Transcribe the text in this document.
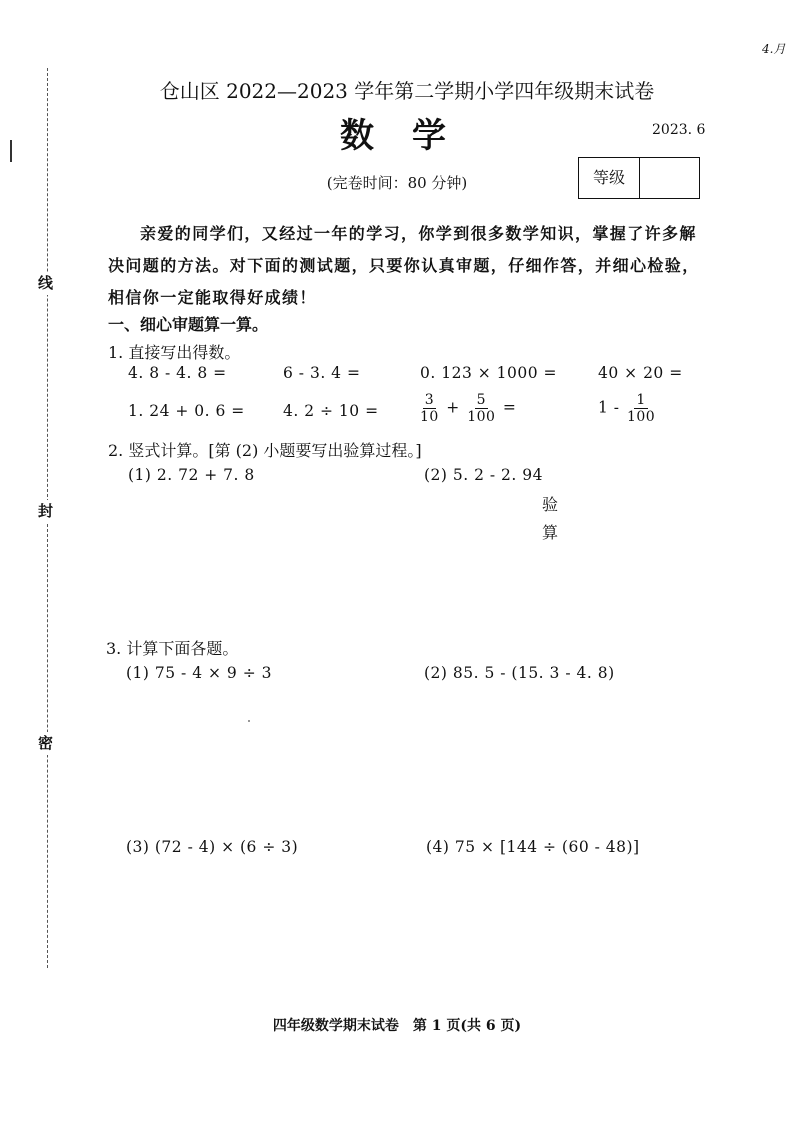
线
封
密
4.月
仓山区 2022—2023 学年第二学期小学四年级期末试卷
数学	2023. 6
(完卷时间：80 分钟)	等级
亲爱的同学们，又经过一年的学习，你学到很多数学知识，掌握了许多解决问题的方法。对下面的测试题，只要你认真审题，仔细作答，并细心检验，相信你一定能取得好成绩！
一、细心审题算一算。
1. 直接写出得数。
4. 8 - 4. 8 =	6 - 3. 4 =	0. 123 × 1000 =	40 × 20 =
1. 24 + 0. 6 = 4. 2 ÷ 10 =	$\frac{3}{10} + \frac{5}{100}$ =	$1 - \frac{1}{100}$
2. 竖式计算。[第 (2) 小题要写出验算过程。]
(1) 2. 72 + 7. 8	(2) 5. 2 - 2. 94
验
算
3. 计算下面各题。
(1) 75 - 4 × 9 ÷ 3	(2) 85. 5 - (15. 3 - 4. 8)
(3) (72 - 4) × (6 ÷ 3)	(4) 75 × [144 ÷ (60 - 48)]
四年级数学期末试卷　第 1 页(共 6 页)
